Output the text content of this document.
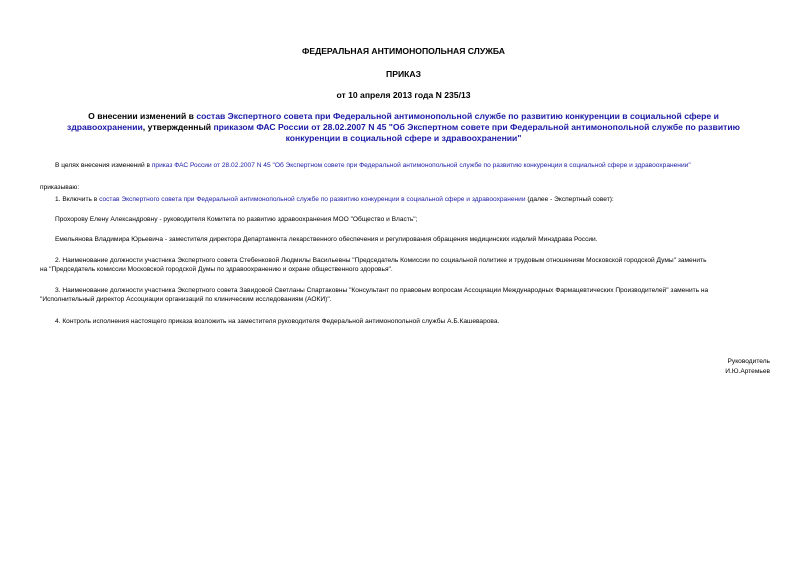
ФЕДЕРАЛЬНАЯ АНТИМОНОПОЛЬНАЯ СЛУЖБА
ПРИКАЗ
от 10 апреля 2013 года N 235/13
О внесении изменений в состав Экспертного совета при Федеральной антимонопольной службе по развитию конкуренции в социальной сфере и
здравоохранении, утвержденный приказом ФАС России от 28.02.2007 N 45 "Об Экспертном совете при Федеральной антимонопольной службе по развитию
конкуренции в социальной сфере и здравоохранении"
В целях внесения изменений в приказ ФАС России от 28.02.2007 N 45 "Об Экспертном совете при Федеральной антимонопольной службе по развитию конкуренции в социальной сфере и здравоохранении"
приказываю:
1. Включить в состав Экспертного совета при Федеральной антимонопольной службе по развитию конкуренции в социальной сфере и здравоохранении (далее - Экспертный совет):
Прохорову Елену Александровну - руководителя Комитета по развитию здравоохранения МОО "Общество и Власть";
Емельянова Владимира Юрьевича - заместителя директора Департамента лекарственного обеспечения и регулирования обращения медицинских изделий Минздрава России.
2. Наименование должности участника Экспертного совета Стебенковой Людмилы Васильевны "Председатель Комиссии по социальной политике и трудовым отношениям Московской городской Думы" заменить
на "Председатель комиссии Московской городской Думы по здравоохранению и охране общественного здоровья".
3. Наименование должности участника Экспертного совета Завидовой Светланы Спартаковны "Консультант по правовым вопросам Ассоциации Международных Фармацевтических Производителей" заменить на
"Исполнительный директор Ассоциации организаций по клиническим исследованиям (АОКИ)".
4. Контроль исполнения настоящего приказа возложить на заместителя руководителя Федеральной антимонопольной службы А.Б.Кашеварова.
Руководитель
И.Ю.Артемьев
